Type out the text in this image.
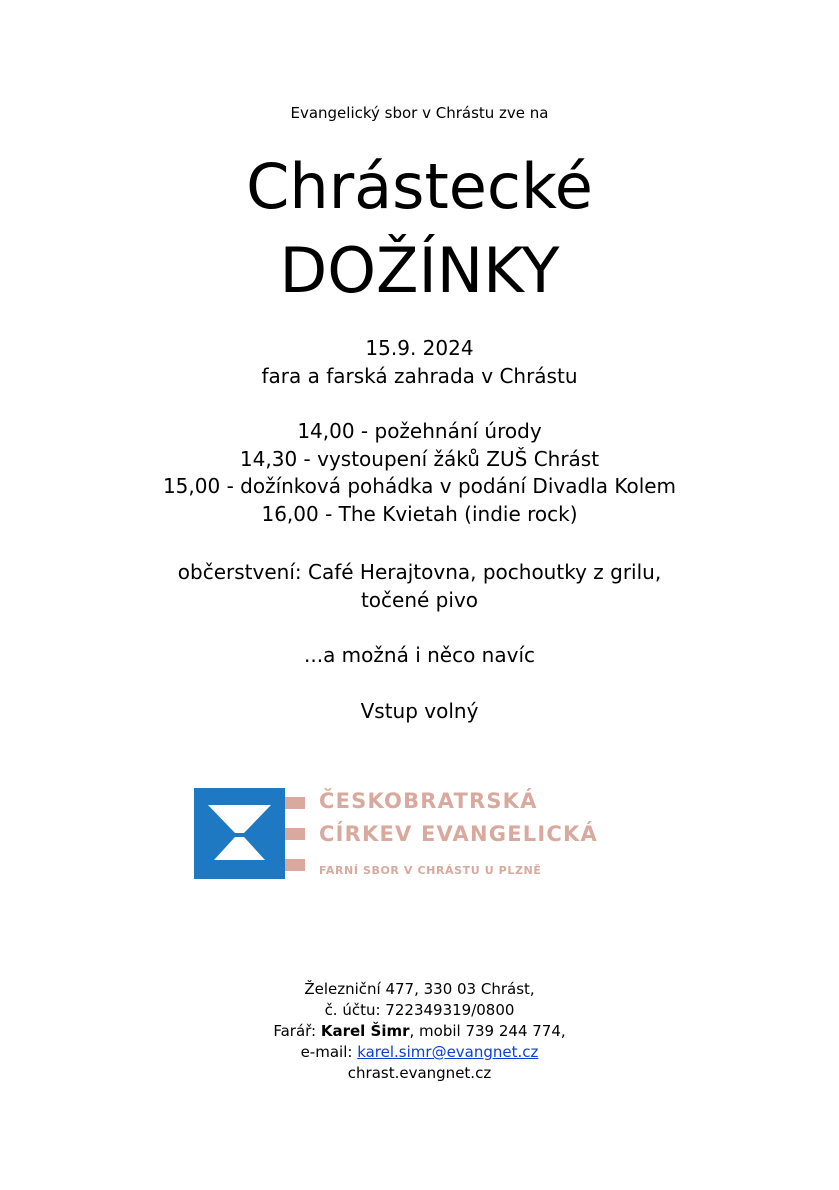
Evangelický sbor v Chrástu zve na
Chrástecké
DOŽÍNKY
15.9. 2024
fara a farská zahrada v Chrástu
14,00 - požehnání úrody
14,30 - vystoupení žáků ZUŠ Chrást
15,00 - dožínková pohádka v podání Divadla Kolem
16,00 - The Kvietah (indie rock)
občerstvení: Café Herajtovna, pochoutky z grilu,
točené pivo
...a možná i něco navíc
Vstup volný
ČESKOBRATRSKÁ
CÍRKEV EVANGELICKÁ
FARNÍ SBOR V CHRÁSTU U PLZNĚ
Železniční 477, 330 03 Chrást,
č. účtu: 722349319/0800
Farář: Karel Šimr, mobil 739 244 774,
e-mail: karel.simr@evangnet.cz
chrast.evangnet.cz
